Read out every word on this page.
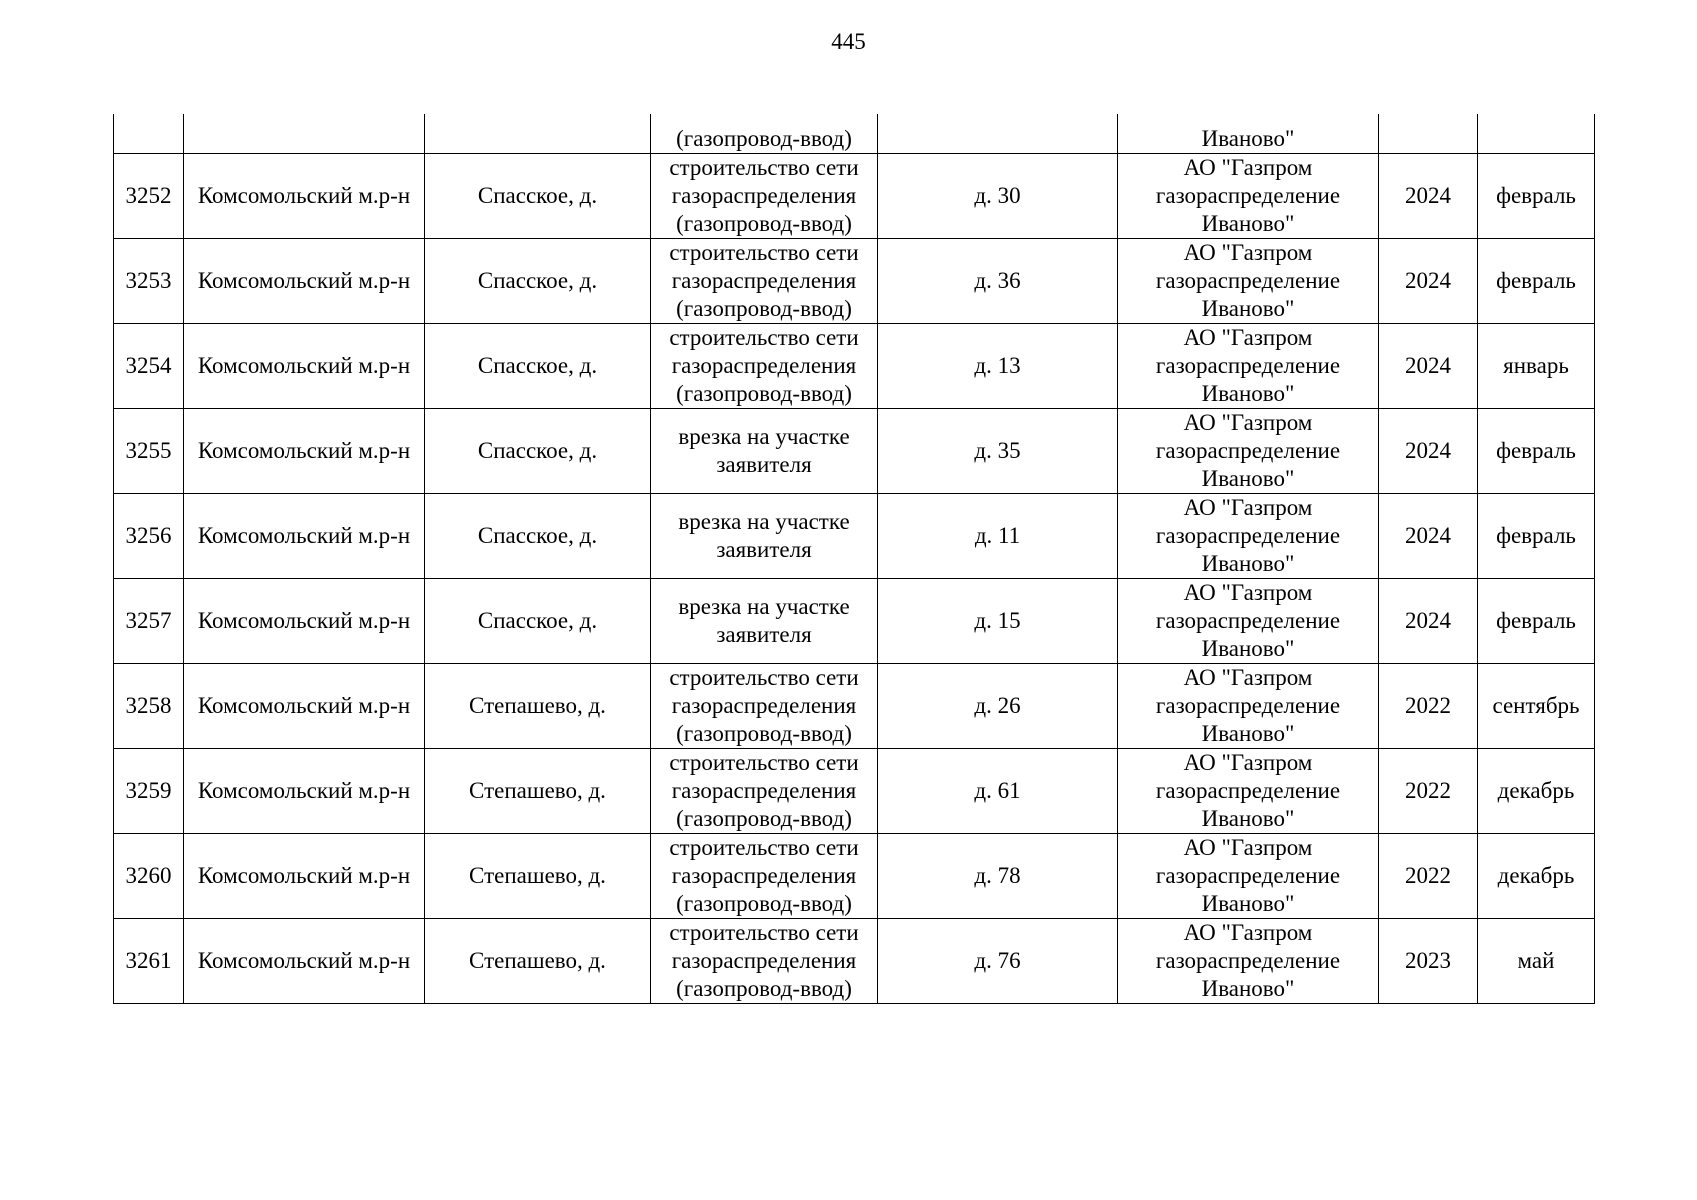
445
			(газопровод-ввод)		Иваново"		
3252	Комсомольский м.р-н	Спасское, д.	строительство сети газораспределения (газопровод-ввод)	д. 30	АО "Газпром газораспределение Иваново"	2024	февраль
3253	Комсомольский м.р-н	Спасское, д.	строительство сети газораспределения (газопровод-ввод)	д. 36	АО "Газпром газораспределение Иваново"	2024	февраль
3254	Комсомольский м.р-н	Спасское, д.	строительство сети газораспределения (газопровод-ввод)	д. 13	АО "Газпром газораспределение Иваново"	2024	январь
3255	Комсомольский м.р-н	Спасское, д.	врезка на участке заявителя	д. 35	АО "Газпром газораспределение Иваново"	2024	февраль
3256	Комсомольский м.р-н	Спасское, д.	врезка на участке заявителя	д. 11	АО "Газпром газораспределение Иваново"	2024	февраль
3257	Комсомольский м.р-н	Спасское, д.	врезка на участке заявителя	д. 15	АО "Газпром газораспределение Иваново"	2024	февраль
3258	Комсомольский м.р-н	Степашево, д.	строительство сети газораспределения (газопровод-ввод)	д. 26	АО "Газпром газораспределение Иваново"	2022	сентябрь
3259	Комсомольский м.р-н	Степашево, д.	строительство сети газораспределения (газопровод-ввод)	д. 61	АО "Газпром газораспределение Иваново"	2022	декабрь
3260	Комсомольский м.р-н	Степашево, д.	строительство сети газораспределения (газопровод-ввод)	д. 78	АО "Газпром газораспределение Иваново"	2022	декабрь
3261	Комсомольский м.р-н	Степашево, д.	строительство сети газораспределения (газопровод-ввод)	д. 76	АО "Газпром газораспределение Иваново"	2023	май
